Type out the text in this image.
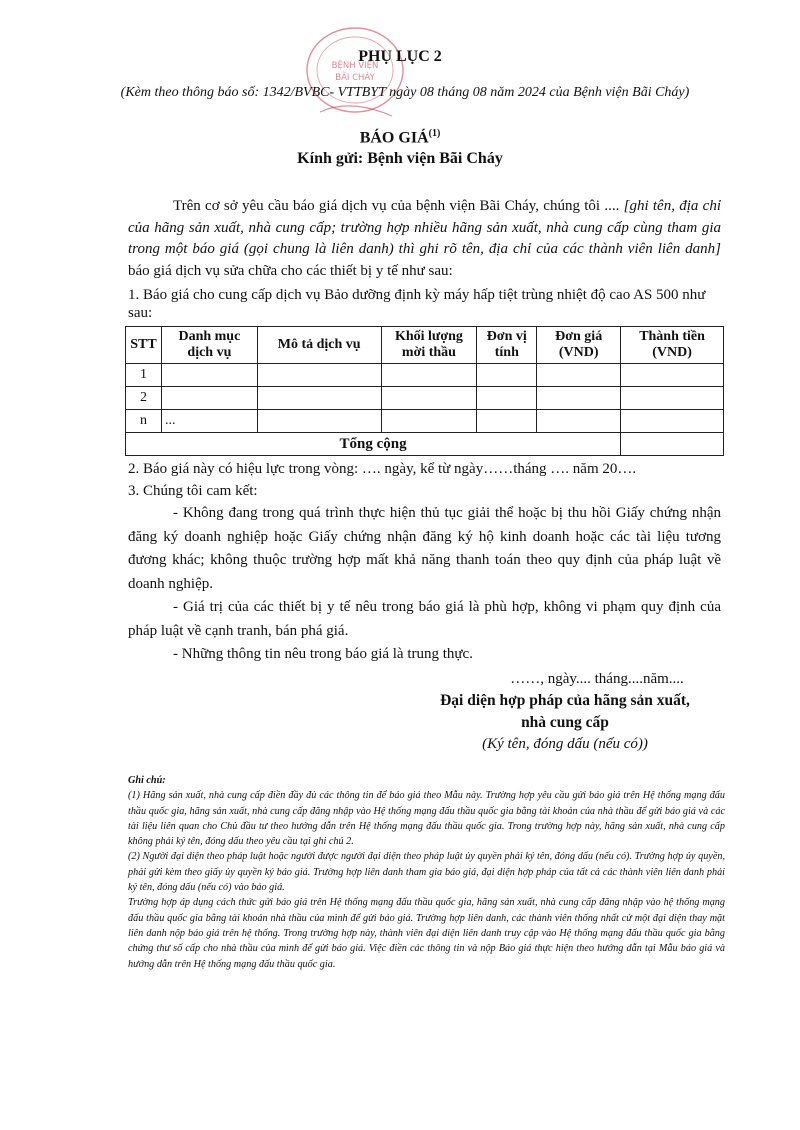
BỆNH VIỆN
BÃI CHÁY
PHỤ LỤC 2
(Kèm theo thông báo số: 1342/BVBC- VTTBYT ngày 08 tháng 08 năm 2024 của Bệnh viện Bãi Cháy)
BÁO GIÁ$^{(1)}$
Kính gửi: Bệnh viện Bãi Cháy
Trên cơ sở yêu cầu báo giá dịch vụ của bệnh viện Bãi Cháy, chúng tôi .... [ghi tên, địa chỉ của hãng sản xuất, nhà cung cấp; trường hợp nhiều hãng sản xuất, nhà cung cấp cùng tham gia trong một báo giá (gọi chung là liên danh) thì ghi rõ tên, địa chỉ của các thành viên liên danh] báo giá dịch vụ sửa chữa cho các thiết bị y tế như sau:
1. Báo giá cho cung cấp dịch vụ Bảo dưỡng định kỳ máy hấp tiệt trùng nhiệt độ cao AS 500 như sau:
STT	Danh mục dịch vụ	Mô tả dịch vụ	Khối lượng mời thầu	Đơn vị tính	Đơn giá (VND)	Thành tiền (VND)
1						
2						
n	...					
Tổng cộng						
2. Báo giá này có hiệu lực trong vòng: …. ngày, kể từ ngày……tháng …. năm 20….
3. Chúng tôi cam kết:
- Không đang trong quá trình thực hiện thủ tục giải thể hoặc bị thu hồi Giấy chứng nhận đăng ký doanh nghiệp hoặc Giấy chứng nhận đăng ký hộ kinh doanh hoặc các tài liệu tương đương khác; không thuộc trường hợp mất khả năng thanh toán theo quy định của pháp luật về doanh nghiệp.
- Giá trị của các thiết bị y tế nêu trong báo giá là phù hợp, không vi phạm quy định của pháp luật về cạnh tranh, bán phá giá.
- Những thông tin nêu trong báo giá là trung thực.
……, ngày.... tháng....năm....
Đại diện hợp pháp của hãng sản xuất,
nhà cung cấp
(Ký tên, đóng dấu (nếu có))

Ghi chú:

(1) Hãng sản xuất, nhà cung cấp điền đầy đủ các thông tin để báo giá theo Mẫu này. Trường hợp yêu cầu gửi báo giá trên Hệ thống mạng đấu thầu quốc gia, hãng sản xuất, nhà cung cấp đăng nhập vào Hệ thống mạng đấu thầu quốc gia bằng tài khoản của nhà thầu để gửi báo giá và các tài liệu liên quan cho Chủ đầu tư theo hướng dẫn trên Hệ thống mạng đấu thầu quốc gia. Trong trường hợp này, hãng sản xuất, nhà cung cấp không phải ký tên, đóng dấu theo yêu cầu tại ghi chú 2.

(2) Người đại diện theo pháp luật hoặc người được người đại diện theo pháp luật ủy quyền phải ký tên, đóng dấu (nếu có). Trường hợp ủy quyền, phải gửi kèm theo giấy ủy quyền ký báo giá. Trường hợp liên danh tham gia báo giá, đại diện hợp pháp của tất cả các thành viên liên danh phải ký tên, đóng dấu (nếu có) vào báo giá.

Trường hợp áp dụng cách thức gửi báo giá trên Hệ thống mạng đấu thầu quốc gia, hãng sản xuất, nhà cung cấp đăng nhập vào hệ thống mạng đấu thầu quốc gia bằng tài khoản nhà thầu của mình để gửi báo giá. Trường hợp liên danh, các thành viên thống nhất cử một đại diện thay mặt liên danh nộp báo giá trên hệ thống. Trong trường hợp này, thành viên đại diện liên danh truy cập vào Hệ thống mạng đấu thầu quốc gia bằng chứng thư số cấp cho nhà thầu của mình để gửi báo giá. Việc điền các thông tin và nộp Báo giá thực hiện theo hướng dẫn tại Mẫu báo giá và hướng dẫn trên Hệ thống mạng đấu thầu quốc gia.
